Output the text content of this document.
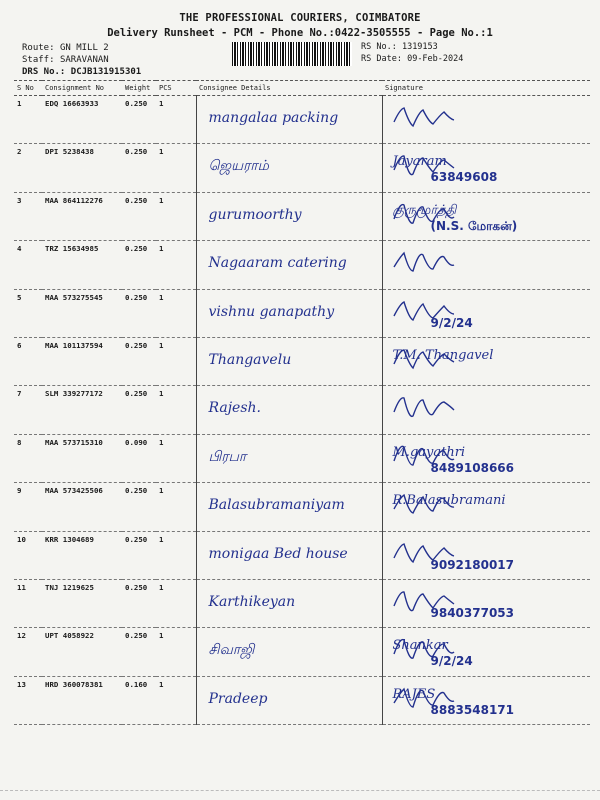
THE PROFESSIONAL COURIERS, COIMBATORE
Delivery Runsheet - PCM - Phone No.:0422-3505555 - Page No.:1
Route: GN MILL 2
Staff: SARAVANAN
DRS No.: DCJB131915301
RS No.: 1319153
RS Date: 09-Feb-2024
S No	Consignment No	Weight	PCS	Consignee Details	Signature
1	EDQ 16663933	0.250	1	mangalaa packing

2	DPI 5238438	0.250	1	ஜெயராம்	Jayaram
63849608

3	MAA 864112276	0.250	1	gurumoorthy	குருமூர்த்தி
(N.S. மோகன்)

4	TRZ 15634985	0.250	1	Nagaaram catering

5	MAA 573275545	0.250	1	vishnu ganapathy	9/2/24

6	MAA 101137594	0.250	1	Thangavelu	T.M. Thangavel

7	SLM 339277172	0.250	1	Rajesh.

8	MAA 573715310	0.090	1	பிரபா	M.gayathri
8489108666

9	MAA 573425506	0.250	1	Balasubramaniyam	R.Balasubramani

10	KRR 1304689	0.250	1	monigaa Bed house	9092180017

11	TNJ 1219625	0.250	1	Karthikeyan	9840377053

12	UPT 4058922	0.250	1	சிவாஜி	Shankar
9/2/24

13	HRD 360078381	0.160	1	Pradeep	RAJES
8883548171
